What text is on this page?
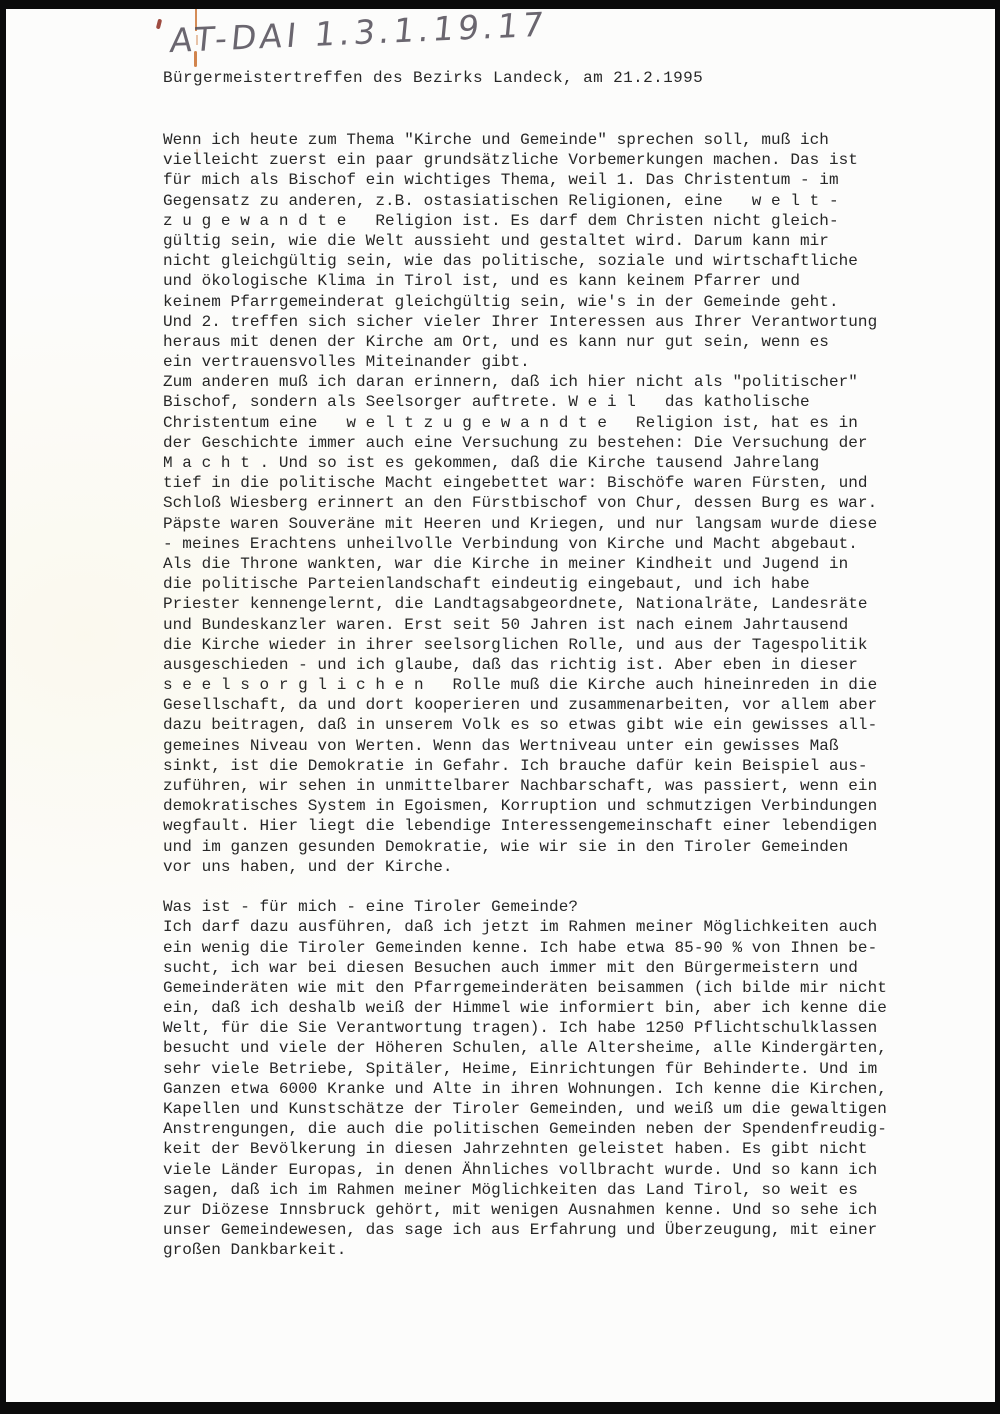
AT-DAI 1.3.1.19.17
Bürgermeistertreffen des Bezirks Landeck, am 21.2.1995
Wenn ich heute zum Thema "Kirche und Gemeinde" sprechen soll, muß ich
vielleicht zuerst ein paar grundsätzliche Vorbemerkungen machen. Das ist
für mich als Bischof ein wichtiges Thema, weil 1. Das Christentum - im
Gegensatz zu anderen, z.B. ostasiatischen Religionen, eine   w e l t -
z u g e w a n d t e   Religion ist. Es darf dem Christen nicht gleich-
gültig sein, wie die Welt aussieht und gestaltet wird. Darum kann mir
nicht gleichgültig sein, wie das politische, soziale und wirtschaftliche
und ökologische Klima in Tirol ist, und es kann keinem Pfarrer und
keinem Pfarrgemeinderat gleichgültig sein, wie's in der Gemeinde geht.
Und 2. treffen sich sicher vieler Ihrer Interessen aus Ihrer Verantwortung
heraus mit denen der Kirche am Ort, und es kann nur gut sein, wenn es
ein vertrauensvolles Miteinander gibt.
Zum anderen muß ich daran erinnern, daß ich hier nicht als "politischer"
Bischof, sondern als Seelsorger auftrete. W e i l   das katholische
Christentum eine   w e l t z u g e w a n d t e   Religion ist, hat es in
der Geschichte immer auch eine Versuchung zu bestehen: Die Versuchung der
M a c h t . Und so ist es gekommen, daß die Kirche tausend Jahrelang
tief in die politische Macht eingebettet war: Bischöfe waren Fürsten, und
Schloß Wiesberg erinnert an den Fürstbischof von Chur, dessen Burg es war.
Päpste waren Souveräne mit Heeren und Kriegen, und nur langsam wurde diese
- meines Erachtens unheilvolle Verbindung von Kirche und Macht abgebaut.
Als die Throne wankten, war die Kirche in meiner Kindheit und Jugend in
die politische Parteienlandschaft eindeutig eingebaut, und ich habe
Priester kennengelernt, die Landtagsabgeordnete, Nationalräte, Landesräte
und Bundeskanzler waren. Erst seit 50 Jahren ist nach einem Jahrtausend
die Kirche wieder in ihrer seelsorglichen Rolle, und aus der Tagespolitik
ausgeschieden - und ich glaube, daß das richtig ist. Aber eben in dieser
s e e l s o r g l i c h e n   Rolle muß die Kirche auch hineinreden in die
Gesellschaft, da und dort kooperieren und zusammenarbeiten, vor allem aber
dazu beitragen, daß in unserem Volk es so etwas gibt wie ein gewisses all-
gemeines Niveau von Werten. Wenn das Wertniveau unter ein gewisses Maß
sinkt, ist die Demokratie in Gefahr. Ich brauche dafür kein Beispiel aus-
zuführen, wir sehen in unmittelbarer Nachbarschaft, was passiert, wenn ein
demokratisches System in Egoismen, Korruption und schmutzigen Verbindungen
wegfault. Hier liegt die lebendige Interessengemeinschaft einer lebendigen
und im ganzen gesunden Demokratie, wie wir sie in den Tiroler Gemeinden
vor uns haben, und der Kirche.

Was ist - für mich - eine Tiroler Gemeinde?
Ich darf dazu ausführen, daß ich jetzt im Rahmen meiner Möglichkeiten auch
ein wenig die Tiroler Gemeinden kenne. Ich habe etwa 85-90 % von Ihnen be-
sucht, ich war bei diesen Besuchen auch immer mit den Bürgermeistern und
Gemeinderäten wie mit den Pfarrgemeinderäten beisammen (ich bilde mir nicht
ein, daß ich deshalb weiß der Himmel wie informiert bin, aber ich kenne die
Welt, für die Sie Verantwortung tragen). Ich habe 1250 Pflichtschulklassen
besucht und viele der Höheren Schulen, alle Altersheime, alle Kindergärten,
sehr viele Betriebe, Spitäler, Heime, Einrichtungen für Behinderte. Und im
Ganzen etwa 6000 Kranke und Alte in ihren Wohnungen. Ich kenne die Kirchen,
Kapellen und Kunstschätze der Tiroler Gemeinden, und weiß um die gewaltigen
Anstrengungen, die auch die politischen Gemeinden neben der Spendenfreudig-
keit der Bevölkerung in diesen Jahrzehnten geleistet haben. Es gibt nicht
viele Länder Europas, in denen Ähnliches vollbracht wurde. Und so kann ich
sagen, daß ich im Rahmen meiner Möglichkeiten das Land Tirol, so weit es
zur Diözese Innsbruck gehört, mit wenigen Ausnahmen kenne. Und so sehe ich
unser Gemeindewesen, das sage ich aus Erfahrung und Überzeugung, mit einer
großen Dankbarkeit.
